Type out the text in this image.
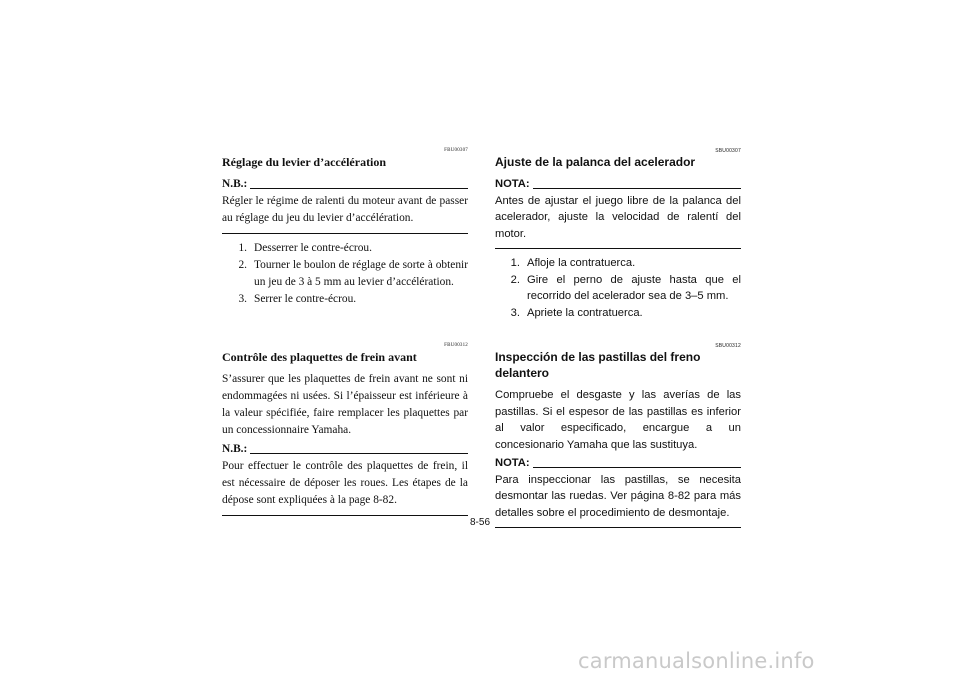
FBU00307

Réglage du levier d’accélération
N.B.:

Régler le régime de ralenti du moteur avant de passer au réglage du jeu du levier d’accélération.

1. Desserrer le contre-écrou.
2. Tourner le boulon de réglage de sorte à obtenir un jeu de 3 à 5 mm au levier d’accélération.
3. Serrer le contre-écrou.

FBU00312

Contrôle des plaquettes de frein avant

S’assurer que les plaquettes de frein avant ne sont ni endommagées ni usées. Si l’épaisseur est inférieure à la valeur spécifiée, faire remplacer les plaquettes par un concessionnaire Yamaha.

N.B.:

Pour effectuer le contrôle des plaquettes de frein, il est nécessaire de déposer les roues. Les étapes de la dépose sont expliquées à la page 8-82.

SBU00307

Ajuste de la palanca del acelerador
NOTA:

Antes de ajustar el juego libre de la palanca del acelerador, ajuste la velocidad de ralentí del motor.

1. Afloje la contratuerca.
2. Gire el perno de ajuste hasta que el recorrido del acelerador sea de 3–5 mm.
3. Apriete la contratuerca.

SBU00312

Inspección de las pastillas del freno delantero

Compruebe el desgaste y las averías de las pastillas. Si el espesor de las pastillas es inferior al valor especificado, encargue a un concesionario Yamaha que las sustituya.

NOTA:

Para inspeccionar las pastillas, se necesita desmontar las ruedas. Ver página 8-82 para más detalles sobre el procedimiento de desmontaje.

8-56
carmanualsonline.info
